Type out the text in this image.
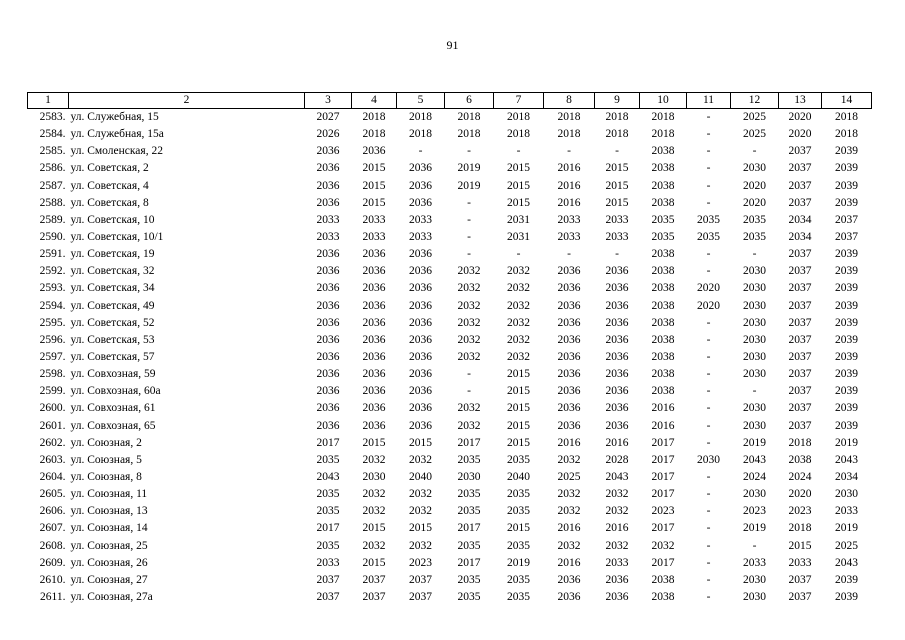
91
1	2	3	4	5	6	7	8	9	10	11	12	13	14
2583.	ул. Служебная, 15	2027	2018	2018	2018	2018	2018	2018	2018	-	2025	2020	2018
2584.	ул. Служебная, 15а	2026	2018	2018	2018	2018	2018	2018	2018	-	2025	2020	2018
2585.	ул. Смоленская, 22	2036	2036	-	-	-	-	-	2038	-	-	2037	2039
2586.	ул. Советская, 2	2036	2015	2036	2019	2015	2016	2015	2038	-	2030	2037	2039
2587.	ул. Советская, 4	2036	2015	2036	2019	2015	2016	2015	2038	-	2020	2037	2039
2588.	ул. Советская, 8	2036	2015	2036	-	2015	2016	2015	2038	-	2020	2037	2039
2589.	ул. Советская, 10	2033	2033	2033	-	2031	2033	2033	2035	2035	2035	2034	2037
2590.	ул. Советская, 10/1	2033	2033	2033	-	2031	2033	2033	2035	2035	2035	2034	2037
2591.	ул. Советская, 19	2036	2036	2036	-	-	-	-	2038	-	-	2037	2039
2592.	ул. Советская, 32	2036	2036	2036	2032	2032	2036	2036	2038	-	2030	2037	2039
2593.	ул. Советская, 34	2036	2036	2036	2032	2032	2036	2036	2038	2020	2030	2037	2039
2594.	ул. Советская, 49	2036	2036	2036	2032	2032	2036	2036	2038	2020	2030	2037	2039
2595.	ул. Советская, 52	2036	2036	2036	2032	2032	2036	2036	2038	-	2030	2037	2039
2596.	ул. Советская, 53	2036	2036	2036	2032	2032	2036	2036	2038	-	2030	2037	2039
2597.	ул. Советская, 57	2036	2036	2036	2032	2032	2036	2036	2038	-	2030	2037	2039
2598.	ул. Совхозная, 59	2036	2036	2036	-	2015	2036	2036	2038	-	2030	2037	2039
2599.	ул. Совхозная, 60а	2036	2036	2036	-	2015	2036	2036	2038	-	-	2037	2039
2600.	ул. Совхозная, 61	2036	2036	2036	2032	2015	2036	2036	2016	-	2030	2037	2039
2601.	ул. Совхозная, 65	2036	2036	2036	2032	2015	2036	2036	2016	-	2030	2037	2039
2602.	ул. Союзная, 2	2017	2015	2015	2017	2015	2016	2016	2017	-	2019	2018	2019
2603.	ул. Союзная, 5	2035	2032	2032	2035	2035	2032	2028	2017	2030	2043	2038	2043
2604.	ул. Союзная, 8	2043	2030	2040	2030	2040	2025	2043	2017	-	2024	2024	2034
2605.	ул. Союзная, 11	2035	2032	2032	2035	2035	2032	2032	2017	-	2030	2020	2030
2606.	ул. Союзная, 13	2035	2032	2032	2035	2035	2032	2032	2023	-	2023	2023	2033
2607.	ул. Союзная, 14	2017	2015	2015	2017	2015	2016	2016	2017	-	2019	2018	2019
2608.	ул. Союзная, 25	2035	2032	2032	2035	2035	2032	2032	2032	-	-	2015	2025
2609.	ул. Союзная, 26	2033	2015	2023	2017	2019	2016	2033	2017	-	2033	2033	2043
2610.	ул. Союзная, 27	2037	2037	2037	2035	2035	2036	2036	2038	-	2030	2037	2039
2611.	ул. Союзная, 27а	2037	2037	2037	2035	2035	2036	2036	2038	-	2030	2037	2039
